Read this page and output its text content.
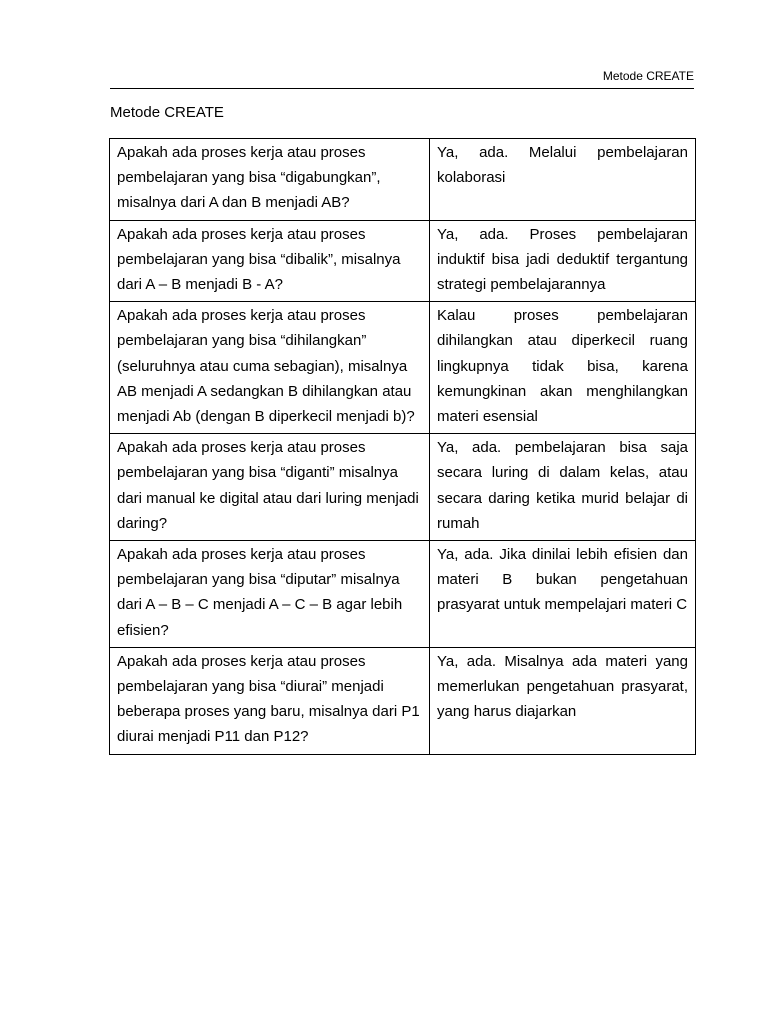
Metode CREATE
Metode CREATE
Apakah ada proses kerja atau proses pembelajaran yang bisa “digabungkan”, misalnya dari A dan B menjadi AB?	Ya, ada. Melalui pembelajaran kolaborasi
Apakah ada proses kerja atau proses pembelajaran yang bisa “dibalik”, misalnya dari A – B menjadi B - A?	Ya, ada. Proses pembelajaran induktif bisa jadi deduktif tergantung strategi pembelajarannya
Apakah ada proses kerja atau proses pembelajaran yang bisa “dihilangkan” (seluruhnya atau cuma sebagian), misalnya AB menjadi A sedangkan B dihilangkan atau menjadi Ab (dengan B diperkecil menjadi b)?	Kalau proses pembelajaran dihilangkan atau diperkecil ruang lingkupnya tidak bisa, karena kemungkinan akan menghilangkan materi esensial
Apakah ada proses kerja atau proses pembelajaran yang bisa “diganti” misalnya dari manual ke digital atau dari luring menjadi daring?	Ya, ada. pembelajaran bisa saja secara luring di dalam kelas, atau secara daring ketika murid belajar di rumah
Apakah ada proses kerja atau proses pembelajaran yang bisa “diputar” misalnya dari A – B – C menjadi A – C – B agar lebih efisien?	Ya, ada. Jika dinilai lebih efisien dan materi B bukan pengetahuan prasyarat untuk mempelajari materi C
Apakah ada proses kerja atau proses pembelajaran yang bisa “diurai” menjadi beberapa proses yang baru, misalnya dari P1 diurai menjadi P11 dan P12?	Ya, ada. Misalnya ada materi yang memerlukan pengetahuan prasyarat, yang harus diajarkan
